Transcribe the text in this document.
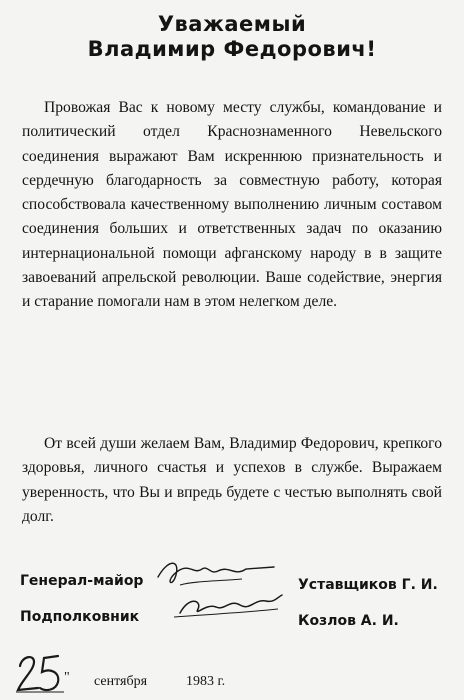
Уважаемый
Владимир Федорович!

Провожая Вас к новому месту службы, командование и политический отдел Краснознаменного Невельского соединения выражают Вам искреннюю признательность и сердечную благодарность за совместную работу, которая способствовала качественному выполнению личным составом соединения больших и ответственных задач по оказанию интернациональной помощи афганскому народу в в защите завоеваний апрельской революции. Ваше содействие, энергия и старание помогали нам в этом нелегком деле.

От всей души желаем Вам, Владимир Федорович, крепкого здоровья, личного счастья и успехов в службе. Выражаем уверенность, что Вы и впредь будете с честью выполнять свой долг.

Генерал-майор

Подполковник

Уставщиков Г. И.

Козлов А. И.

" сентября	1983 г.
